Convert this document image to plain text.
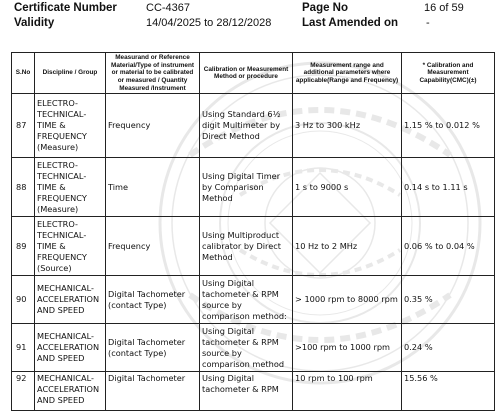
Certificate Number	CC-4367	Page No	16 of 59
Validity	14/04/2025 to 28/12/2028	Last Amended on	-
S.No	Discipline / Group	Measurand or Reference Material/Type of instrument or material to be calibrated or measured / Quantity Measured /Instrument	Calibration or Measurement Method or procedure	Measurement range and additional parameters where applicable(Range and Frequency)	* Calibration and Measurement Capability(CMC)(±)
87	ELECTRO-TECHNICAL-TIME & FREQUENCY (Measure)	Frequency	Using Standard 6½ digit Multimeter by Direct Method	3 Hz to 300 kHz	1.15 % to 0.012 %
88	ELECTRO-TECHNICAL-TIME & FREQUENCY (Measure)	Time	Using Digital Timer by Comparison Method	1 s to 9000 s	0.14 s to 1.11 s
89	ELECTRO-TECHNICAL-TIME & FREQUENCY (Source)	Frequency	Using Multiproduct calibrator by Direct Method	10 Hz to 2 MHz	0.06 % to 0.04 %
90	MECHANICAL-ACCELERATION AND SPEED	Digital Tachometer (contact Type)	Using Digital tachometer & RPM source by comparison method:	> 1000 rpm to 8000 rpm	0.35 %
91	MECHANICAL-ACCELERATION AND SPEED	Digital Tachometer (contact Type)	Using Digital tachometer & RPM source by comparison method	>100 rpm to 1000 rpm	0.24 %
92	MECHANICAL-ACCELERATION AND SPEED	Digital Tachometer	Using Digital tachometer & RPM	10 rpm to 100 rpm	15.56 %
